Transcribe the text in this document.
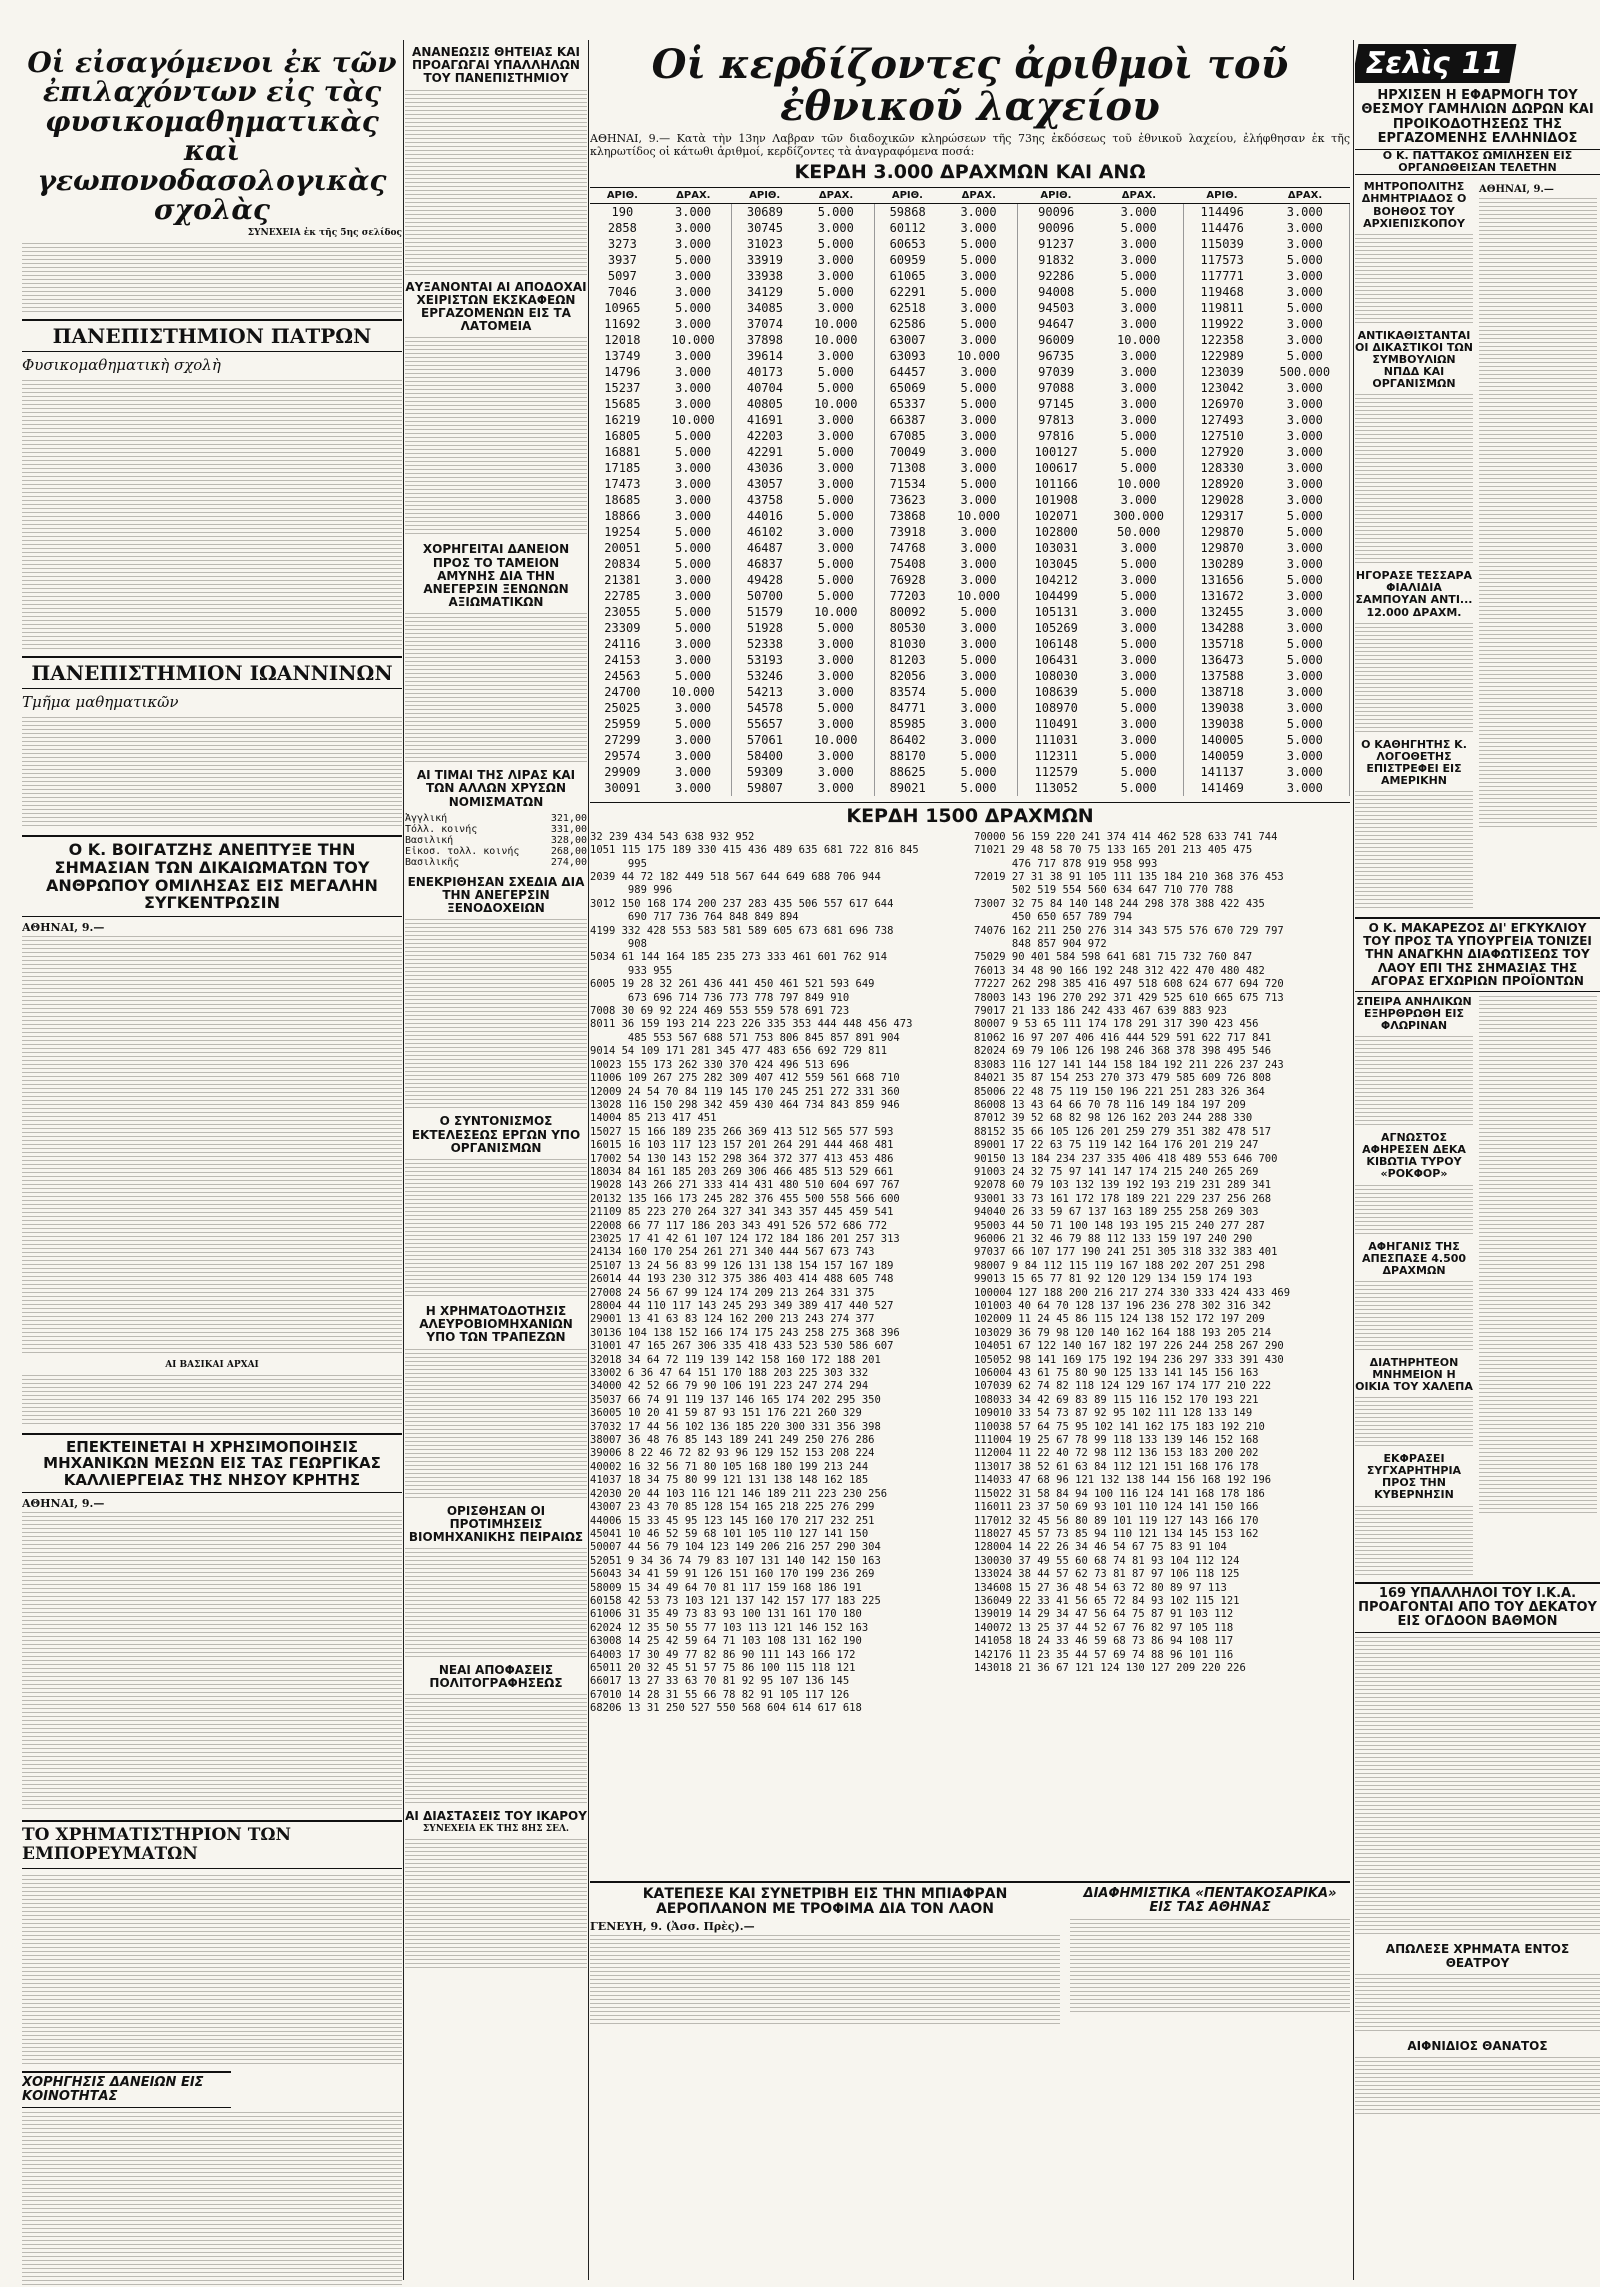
Οἱ εἰσαγόμενοι ἐκ τῶν ἐπιλαχόντων εἰς τὰς φυσικομαθηματικὰς καὶ γεωπονοδασολογικὰς σχολὰς
ΣΥΝΕΧΕΙΑ ἐκ τῆς 5ης σελίδος
ΠΑΝΕΠΙΣΤΗΜΙΟΝ ΠΑΤΡΩΝ
Φυσικομαθηματικὴ σχολὴ
ΠΑΝΕΠΙΣΤΗΜΙΟΝ ΙΩΑΝΝΙΝΩΝ
Τμῆμα μαθηματικῶν
Ο Κ. ΒΟΙΓΑΤΖΗΣ ΑΝΕΠΤΥΞΕ ΤΗΝ ΣΗΜΑΣΙΑΝ ΤΩΝ ΔΙΚΑΙΩΜΑΤΩΝ ΤΟΥ ΑΝΘΡΩΠΟΥ ΟΜΙΛΗΣΑΣ ΕΙΣ ΜΕΓΑΛΗΝ ΣΥΓΚΕΝΤΡΩΣΙΝ
ΑΘΗΝΑΙ, 9.—
ΑΙ ΒΑΣΙΚΑΙ ΑΡΧΑΙ
ΕΠΕΚΤΕΙΝΕΤΑΙ Η ΧΡΗΣΙΜΟΠΟΙΗΣΙΣ ΜΗΧΑΝΙΚΩΝ ΜΕΣΩΝ ΕΙΣ ΤΑΣ ΓΕΩΡΓΙΚΑΣ ΚΑΛΛΙΕΡΓΕΙΑΣ ΤΗΣ ΝΗΣΟΥ ΚΡΗΤΗΣ
ΑΘΗΝΑΙ, 9.—
ΤΟ ΧΡΗΜΑΤΙΣΤΗΡΙΟΝ ΤΩΝ ΕΜΠΟΡΕΥΜΑΤΩΝ
ΧΟΡΗΓΗΣΙΣ ΔΑΝΕΙΩΝ ΕΙΣ ΚΟΙΝΟΤΗΤΑΣ
ΑΝΑΝΕΩΣΙΣ ΘΗΤΕΙΑΣ ΚΑΙ ΠΡΟΑΓΩΓΑΙ ΥΠΑΛΛΗΛΩΝ ΤΟΥ ΠΑΝΕΠΙΣΤΗΜΙΟΥ
ΑΥΞΑΝΟΝΤΑΙ ΑΙ ΑΠΟΔΟΧΑΙ ΧΕΙΡΙΣΤΩΝ ΕΚΣΚΑΦΕΩΝ ΕΡΓΑΖΟΜΕΝΩΝ ΕΙΣ ΤΑ ΛΑΤΟΜΕΙΑ
ΧΟΡΗΓΕΙΤΑΙ ΔΑΝΕΙΟΝ ΠΡΟΣ ΤΟ ΤΑΜΕΙΟΝ ΑΜΥΝΗΣ ΔΙΑ ΤΗΝ ΑΝΕΓΕΡΣΙΝ ΞΕΝΩΝΩΝ ΑΞΙΩΜΑΤΙΚΩΝ
ΑΙ ΤΙΜΑΙ ΤΗΣ ΛΙΡΑΣ ΚΑΙ ΤΩΝ ΑΛΛΩΝ ΧΡΥΣΩΝ ΝΟΜΙΣΜΑΤΩΝ
Ἀγγλική	321,00
Τόλλ. κοινής	331,00
Βασιλική	328,00
Εἰκοσ. τολλ. κοινής	268,00
Βασιλικῆς	274,00
ΕΝΕΚΡΙΘΗΣΑΝ ΣΧΕΔΙΑ ΔΙΑ ΤΗΝ ΑΝΕΓΕΡΣΙΝ ΞΕΝΟΔΟΧΕΙΩΝ
Ο ΣΥΝΤΟΝΙΣΜΟΣ ΕΚΤΕΛΕΣΕΩΣ ΕΡΓΩΝ ΥΠΟ ΟΡΓΑΝΙΣΜΩΝ
Η ΧΡΗΜΑΤΟΔΟΤΗΣΙΣ ΑΛΕΥΡΟΒΙΟΜΗΧΑΝΙΩΝ ΥΠΟ ΤΩΝ ΤΡΑΠΕΖΩΝ
ΟΡΙΣΘΗΣΑΝ ΟΙ ΠΡΟΤΙΜΗΣΕΙΣ ΒΙΟΜΗΧΑΝΙΚΗΣ ΠΕΙΡΑΙΩΣ
ΝΕΑΙ ΑΠΟΦΑΣΕΙΣ ΠΟΛΙΤΟΓΡΑΦΗΣΕΩΣ
ΑΙ ΔΙΑΣΤΑΣΕΙΣ ΤΟΥ ΙΚΑΡΟΥ
ΣΥΝΕΧΕΙΑ ΕΚ ΤΗΣ 8ΗΣ ΣΕΛ.
Οἱ κερδίζοντες ἀριθμοὶ τοῦ ἐθνικοῦ λαχείου
ΑΘΗΝΑΙ, 9.— Κατὰ τὴν 13ην Λαβραν τῶν διαδοχικῶν κληρώσεων τῆς 73ης ἐκδόσεως τοῦ ἐθνικοῦ λαχείου, ἐλήφθησαν ἐκ τῆς κληρωτίδος οἱ κάτωθι ἀριθμοί, κερδίζοντες τὰ ἀναγραφόμενα ποσά:
ΚΕΡΔΗ 3.000 ΔΡΑΧΜΩΝ ΚΑΙ ΑΝΩ
ΑΡΙΘ.	ΔΡΑΧ.	ΑΡΙΘ.	ΔΡΑΧ.	ΑΡΙΘ.	ΔΡΑΧ.	ΑΡΙΘ.	ΔΡΑΧ.	ΑΡΙΘ.	ΔΡΑΧ.
190	3.000	30689	5.000	59868	3.000	90096	3.000	114496	3.000
2858	3.000	30745	3.000	60112	3.000	90096	5.000	114476	3.000
3273	3.000	31023	5.000	60653	5.000	91237	3.000	115039	3.000
3937	5.000	33919	3.000	60959	5.000	91832	3.000	117573	5.000
5097	3.000	33938	3.000	61065	3.000	92286	5.000	117771	3.000
7046	3.000	34129	5.000	62291	5.000	94008	5.000	119468	3.000
10965	5.000	34085	3.000	62518	3.000	94503	3.000	119811	5.000
11692	3.000	37074	10.000	62586	5.000	94647	3.000	119922	3.000
12018	10.000	37898	10.000	63007	3.000	96009	10.000	122358	3.000
13749	3.000	39614	3.000	63093	10.000	96735	3.000	122989	5.000
14796	3.000	40173	5.000	64457	3.000	97039	3.000	123039	500.000
15237	3.000	40704	5.000	65069	5.000	97088	3.000	123042	3.000
15685	3.000	40805	10.000	65337	5.000	97145	3.000	126970	3.000
16219	10.000	41691	3.000	66387	3.000	97813	3.000	127493	3.000
16805	5.000	42203	3.000	67085	3.000	97816	5.000	127510	3.000
16881	5.000	42291	5.000	70049	3.000	100127	5.000	127920	3.000
17185	3.000	43036	3.000	71308	3.000	100617	5.000	128330	3.000
17473	3.000	43057	3.000	71534	5.000	101166	10.000	128920	3.000
18685	3.000	43758	5.000	73623	3.000	101908	3.000	129028	3.000
18866	3.000	44016	5.000	73868	10.000	102071	300.000	129317	5.000
19254	5.000	46102	3.000	73918	3.000	102800	50.000	129870	5.000
20051	5.000	46487	3.000	74768	3.000	103031	3.000	129870	3.000
20834	5.000	46837	5.000	75408	3.000	103045	5.000	130289	3.000
21381	3.000	49428	5.000	76928	3.000	104212	3.000	131656	5.000
22785	3.000	50700	5.000	77203	10.000	104499	5.000	131672	3.000
23055	5.000	51579	10.000	80092	5.000	105131	3.000	132455	3.000
23309	5.000	51928	5.000	80530	3.000	105269	3.000	134288	3.000
24116	3.000	52338	3.000	81030	3.000	106148	5.000	135718	5.000
24153	3.000	53193	3.000	81203	5.000	106431	3.000	136473	5.000
24563	5.000	53246	3.000	82056	3.000	108030	3.000	137588	3.000
24700	10.000	54213	3.000	83574	5.000	108639	5.000	138718	3.000
25025	3.000	54578	5.000	84771	3.000	108970	5.000	139038	3.000
25959	5.000	55657	3.000	85985	3.000	110491	3.000	139038	5.000
27299	3.000	57061	10.000	86402	3.000	111031	3.000	140005	5.000
29574	3.000	58400	3.000	88170	5.000	112311	5.000	140059	3.000
29909	3.000	59309	3.000	88625	5.000	112579	5.000	141137	3.000
30091	3.000	59807	3.000	89021	5.000	113052	5.000	141469	3.000
ΚΕΡΔΗ 1500 ΔΡΑΧΜΩΝ
32 239 434 543 638 932 952
1051 115 175 189 330 415 436 489 635 681 722 816 845
995
2039 44 72 182 449 518 567 644 649 688 706 944
989 996
3012 150 168 174 200 237 283 435 506 557 617 644
690 717 736 764 848 849 894
4199 332 428 553 583 581 589 605 673 681 696 738
908
5034 61 144 164 185 235 273 333 461 601 762 914
933 955
6005 19 28 32 261 436 441 450 461 521 593 649
673 696 714 736 773 778 797 849 910
7008 30 69 92 224 469 553 559 578 691 723
8011 36 159 193 214 223 226 335 353 444 448 456 473
485 553 567 688 571 753 806 845 857 891 904
9014 54 109 171 281 345 477 483 656 692 729 811
10023 155 173 262 330 370 424 496 513 696
11006 109 267 275 282 309 407 412 559 561 668 710
12009 24 54 70 84 119 145 170 245 251 272 331 360
13028 116 150 298 342 459 430 464 734 843 859 946
14004 85 213 417 451
15027 15 166 189 235 266 369 413 512 565 577 593
16015 16 103 117 123 157 201 264 291 444 468 481
17002 54 130 143 152 298 364 372 377 413 453 486
18034 84 161 185 203 269 306 466 485 513 529 661
19028 143 266 271 333 414 431 480 510 604 697 767
20132 135 166 173 245 282 376 455 500 558 566 600
21109 85 223 270 264 327 341 343 357 445 459 541
22008 66 77 117 186 203 343 491 526 572 686 772
23025 17 41 42 61 107 124 172 184 186 201 257 313
24134 160 170 254 261 271 340 444 567 673 743
25107 13 24 56 83 99 126 131 138 154 157 167 189
26014 44 193 230 312 375 386 403 414 488 605 748
27008 24 56 67 99 124 174 209 213 264 331 375
28004 44 110 117 143 245 293 349 389 417 440 527
29001 13 41 63 83 124 162 200 213 243 274 377
30136 104 138 152 166 174 175 243 258 275 368 396
31001 47 165 267 306 335 418 433 523 530 586 607
32018 34 64 72 119 139 142 158 160 172 188 201
33002 6 36 47 64 151 170 188 203 225 303 332
34000 42 52 66 79 90 106 191 223 247 274 294
35037 66 74 91 119 137 146 165 174 202 295 350
36005 10 20 41 59 87 93 151 176 221 260 329
37032 17 44 56 102 136 185 220 300 331 356 398
38007 36 48 76 85 143 189 241 249 250 276 286
39006 8 22 46 72 82 93 96 129 152 153 208 224
40002 16 32 56 71 80 105 168 180 199 213 244
41037 18 34 75 80 99 121 131 138 148 162 185
42030 20 44 103 116 121 146 189 211 223 230 256
43007 23 43 70 85 128 154 165 218 225 276 299
44006 15 33 45 95 123 145 160 170 217 232 251
45041 10 46 52 59 68 101 105 110 127 141 150
50007 44 56 79 104 123 149 206 216 257 290 304
52051 9 34 36 74 79 83 107 131 140 142 150 163
56043 34 41 59 91 126 151 160 170 199 236 269
58009 15 34 49 64 70 81 117 159 168 186 191
60158 42 53 73 103 121 137 142 157 177 183 225
61006 31 35 49 73 83 93 100 131 161 170 180
62024 12 35 50 55 77 103 113 121 146 152 163
63008 14 25 42 59 64 71 103 108 131 162 190
64003 17 30 49 77 82 86 90 111 143 166 172
65011 20 32 45 51 57 75 86 100 115 118 121
66017 13 27 33 63 70 81 92 95 107 136 145
67010 14 28 31 55 66 78 82 91 105 117 126
68206 13 31 250 527 550 568 604 614 617 618
70000 56 159 220 241 374 414 462 528 633 741 744
71021 29 48 58 70 75 133 165 201 213 405 475
476 717 878 919 958 993
72019 27 31 38 91 105 111 135 184 210 368 376 453
502 519 554 560 634 647 710 770 788
73007 32 75 84 140 148 244 298 378 388 422 435
450 650 657 789 794
74076 162 211 250 276 314 343 575 576 670 729 797
848 857 904 972
75029 90 401 584 598 641 681 715 732 760 847
76013 34 48 90 166 192 248 312 422 470 480 482
77227 262 298 385 416 497 518 608 624 677 694 720
78003 143 196 270 292 371 429 525 610 665 675 713
79017 21 133 186 242 433 467 639 883 923
80007 9 53 65 111 174 178 291 317 390 423 456
81062 16 97 207 406 416 444 529 591 622 717 841
82024 69 79 106 126 198 246 368 378 398 495 546
83083 116 127 141 144 158 184 192 211 226 237 243
84021 35 87 154 253 270 373 479 585 609 726 808
85006 22 48 75 119 150 196 221 251 283 326 364
86008 13 43 64 66 70 78 116 149 184 197 209
87012 39 52 68 82 98 126 162 203 244 288 330
88152 35 66 105 126 201 259 279 351 382 478 517
89001 17 22 63 75 119 142 164 176 201 219 247
90150 13 184 234 237 335 406 418 489 553 646 700
91003 24 32 75 97 141 147 174 215 240 265 269
92078 60 79 103 132 139 192 193 219 231 289 341
93001 33 73 161 172 178 189 221 229 237 256 268
94040 26 33 59 67 137 163 189 255 258 269 303
95003 44 50 71 100 148 193 195 215 240 277 287
96006 21 32 46 79 88 112 133 159 197 240 290
97037 66 107 177 190 241 251 305 318 332 383 401
98007 9 84 112 115 119 167 188 202 207 251 298
99013 15 65 77 81 92 120 129 134 159 174 193
100004 127 188 200 216 217 274 330 333 424 433 469
101003 40 64 70 128 137 196 236 278 302 316 342
102009 11 24 45 86 115 124 138 152 172 197 209
103029 36 79 98 120 140 162 164 188 193 205 214
104051 67 122 140 167 182 197 226 244 258 267 290
105052 98 141 169 175 192 194 236 297 333 391 430
106004 43 61 75 80 90 125 133 141 145 156 163
107039 62 74 82 118 124 129 167 174 177 210 222
108033 34 42 69 83 89 115 116 152 170 193 221
109010 33 54 73 87 92 95 102 111 128 133 149
110038 57 64 75 95 102 141 162 175 183 192 210
111004 19 25 67 78 99 118 133 139 146 152 168
112004 11 22 40 72 98 112 136 153 183 200 202
113017 38 52 61 63 84 112 121 151 168 176 178
114033 47 68 96 121 132 138 144 156 168 192 196
115022 31 58 84 94 100 116 124 141 168 178 186
116011 23 37 50 69 93 101 110 124 141 150 166
117012 32 45 56 80 89 101 119 127 143 166 170
118027 45 57 73 85 94 110 121 134 145 153 162
128004 14 22 26 34 46 54 67 75 83 91 104
130030 37 49 55 60 68 74 81 93 104 112 124
133024 38 44 57 62 73 81 87 97 106 118 125
134608 15 27 36 48 54 63 72 80 89 97 113
136049 22 33 41 56 65 72 84 93 102 115 121
139019 14 29 34 47 56 64 75 87 91 103 112
140072 13 25 37 44 52 67 76 82 97 105 118
141058 18 24 33 46 59 68 73 86 94 108 117
142176 11 23 35 44 57 69 74 88 96 101 116
143018 21 36 67 121 124 130 127 209 220 226
ΚΑΤΕΠΕΣΕ ΚΑΙ ΣΥΝΕΤΡΙΒΗ ΕΙΣ ΤΗΝ ΜΠΙΑΦΡΑΝ ΑΕΡΟΠΛΑΝΟΝ ΜΕ ΤΡΟΦΙΜΑ ΔΙΑ ΤΟΝ ΛΑΟΝ
ΓΕΝΕΥΗ, 9. (Ἀσσ. Πρὲς).—
ΔΙΑΦΗΜΙΣΤΙΚΑ «ΠΕΝΤΑΚΟΣΑΡΙΚΑ» ΕΙΣ ΤΑΣ ΑΘΗΝΑΣ
Σελὶς 11
ΗΡΧΙΣΕΝ Η ΕΦΑΡΜΟΓΗ ΤΟΥ ΘΕΣΜΟΥ ΓΑΜΗΛΙΩΝ ΔΩΡΩΝ ΚΑΙ ΠΡΟΙΚΟΔΟΤΗΣΕΩΣ ΤΗΣ ΕΡΓΑΖΟΜΕΝΗΣ ΕΛΛΗΝΙΔΟΣ
Ο Κ. ΠΑΤΤΑΚΟΣ ΩΜΙΛΗΣΕΝ ΕΙΣ ΟΡΓΑΝΩΘΕΙΣΑΝ ΤΕΛΕΤΗΝ
ΜΗΤΡΟΠΟΛΙΤΗΣ ΔΗΜΗΤΡΙΑΔΟΣ Ο ΒΟΗΘΟΣ ΤΟΥ ΑΡΧΙΕΠΙΣΚΟΠΟΥ
ΑΝΤΙΚΑΘΙΣΤΑΝΤΑΙ ΟΙ ΔΙΚΑΣΤΙΚΟΙ ΤΩΝ ΣΥΜΒΟΥΛΙΩΝ ΝΠΔΔ ΚΑΙ ΟΡΓΑΝΙΣΜΩΝ
ΗΓΟΡΑΣΕ ΤΕΣΣΑΡΑ ΦΙΑΛΙΔΙΑ ΣΑΜΠΟΥΑΝ ΑΝΤΙ... 12.000 ΔΡΑΧΜ.
Ο ΚΑΘΗΓΗΤΗΣ Κ. ΛΟΓΟΘΕΤΗΣ ΕΠΙΣΤΡΕΦΕΙ ΕΙΣ ΑΜΕΡΙΚΗΝ
ΑΘΗΝΑΙ, 9.—
Ο Κ. ΜΑΚΑΡΕΖΟΣ ΔΙ' ΕΓΚΥΚΛΙΟΥ ΤΟΥ ΠΡΟΣ ΤΑ ΥΠΟΥΡΓΕΙΑ ΤΟΝΙΖΕΙ ΤΗΝ ΑΝΑΓΚΗΝ ΔΙΑΦΩΤΙΣΕΩΣ ΤΟΥ ΛΑΟΥ ΕΠΙ ΤΗΣ ΣΗΜΑΣΙΑΣ ΤΗΣ ΑΓΟΡΑΣ ΕΓΧΩΡΙΩΝ ΠΡΟΪΟΝΤΩΝ
ΣΠΕΙΡΑ ΑΝΗΛΙΚΩΝ ΕΞΗΡΘΡΩΘΗ ΕΙΣ ΦΛΩΡΙΝΑΝ
ΑΓΝΩΣΤΟΣ ΑΦΗΡΕΣΕΝ ΔΕΚΑ ΚΙΒΩΤΙΑ ΤΥΡΟΥ «ΡΟΚΦΟΡ»
ΑΦΗΓΑΝΙΣ ΤΗΣ ΑΠΕΣΠΑΣΕ 4.500 ΔΡΑΧΜΩΝ
ΔΙΑΤΗΡΗΤΕΟΝ ΜΝΗΜΕΙΟΝ Η ΟΙΚΙΑ ΤΟΥ ΧΑΛΕΠΑ
ΕΚΦΡΑΣΕΙ ΣΥΓΧΑΡΗΤΗΡΙΑ ΠΡΟΣ ΤΗΝ ΚΥΒΕΡΝΗΣΙΝ
169 ΥΠΑΛΛΗΛΟΙ ΤΟΥ Ι.Κ.Α. ΠΡΟΑΓΟΝΤΑΙ ΑΠΟ ΤΟΥ ΔΕΚΑΤΟΥ ΕΙΣ ΟΓΔΟΟΝ ΒΑΘΜΟΝ
ΑΠΩΛΕΣΕ ΧΡΗΜΑΤΑ ΕΝΤΟΣ ΘΕΑΤΡΟΥ
ΑΙΦΝΙΔΙΟΣ ΘΑΝΑΤΟΣ
